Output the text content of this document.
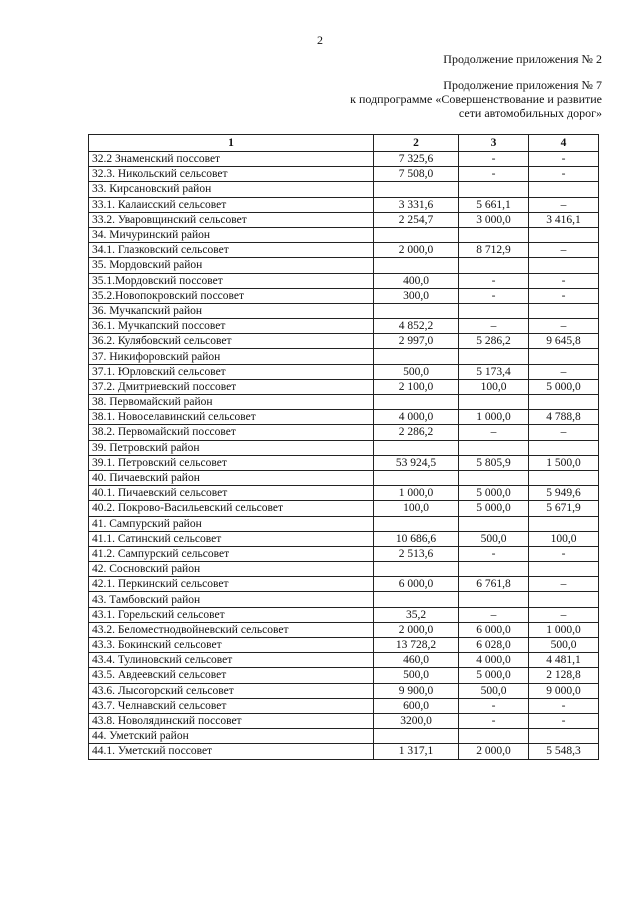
2
Продолжение приложения № 2
Продолжение приложения № 7
к подпрограмме «Совершенствование и развитие
сети автомобильных дорог»
1	2	3	4
32.2 Знаменский поссовет	7 325,6	-	-
32.3. Никольский сельсовет	7 508,0	-	-
33. Кирсановский район			
33.1. Калаисский сельсовет	3 331,6	5 661,1	–
33.2. Уваровщинский сельсовет	2 254,7	3 000,0	3 416,1
34. Мичуринский район			
34.1. Глазковский сельсовет	2 000,0	8 712,9	–
35. Мордовский район			
35.1.Мордовский поссовет	400,0	-	-
35.2.Новопокровский поссовет	300,0	-	-
36. Мучкапский район			
36.1. Мучкапский поссовет	4 852,2	–	–
36.2. Кулябовский сельсовет	2 997,0	5 286,2	9 645,8
37. Никифоровский район			
37.1. Юрловский сельсовет	500,0	5 173,4	–
37.2. Дмитриевский поссовет	2 100,0	100,0	5 000,0
38. Первомайский район			
38.1. Новоселавинский сельсовет	4 000,0	1 000,0	4 788,8
38.2. Первомайский поссовет	2 286,2	–	–
39. Петровский район			
39.1. Петровский сельсовет	53 924,5	5 805,9	1 500,0
40. Пичаевский район			
40.1. Пичаевский сельсовет	1 000,0	5 000,0	5 949,6
40.2. Покрово-Васильевский сельсовет	100,0	5 000,0	5 671,9
41. Сампурский район			
41.1. Сатинский сельсовет	10 686,6	500,0	100,0
41.2. Сампурский сельсовет	2 513,6	-	-
42. Сосновский район			
42.1. Перкинский сельсовет	6 000,0	6 761,8	–
43. Тамбовский район			
43.1. Горельский сельсовет	35,2	–	–
43.2. Беломестнодвойневский сельсовет	2 000,0	6 000,0	1 000,0
43.3. Бокинский сельсовет	13 728,2	6 028,0	500,0
43.4. Тулиновский сельсовет	460,0	4 000,0	4 481,1
43.5. Авдеевский сельсовет	500,0	5 000,0	2 128,8
43.6. Лысогорский сельсовет	9 900,0	500,0	9 000,0
43.7. Челнавский сельсовет	600,0	-	-
43.8. Новолядинский поссовет	3200,0	-	-
44. Уметский район			
44.1. Уметский поссовет	1 317,1	2 000,0	5 548,3
